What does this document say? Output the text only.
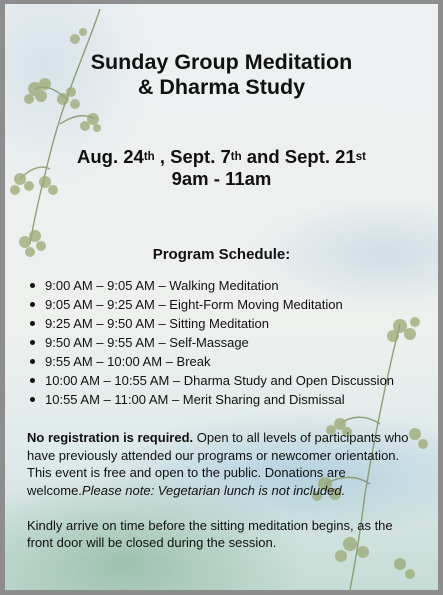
Sunday Group Meditation
& Dharma Study
Aug. 24th , Sept. 7th and Sept. 21st
9am - 11am
Program Schedule:
9:00 AM – 9:05 AM – Walking Meditation
9:05 AM – 9:25 AM – Eight-Form Moving Meditation
9:25 AM – 9:50 AM – Sitting Meditation
9:50 AM – 9:55 AM – Self-Massage
9:55 AM – 10:00 AM – Break
10:00 AM – 10:55 AM – Dharma Study and Open Discussion
10:55 AM – 11:00 AM – Merit Sharing and Dismissal

No registration is required. Open to all levels of participants who have previously attended our programs or newcomer orientation. This event is free and open to the public. Donations are welcome.Please note: Vegetarian lunch is not included.

Kindly arrive on time before the sitting meditation begins, as the front door will be closed during the session.
